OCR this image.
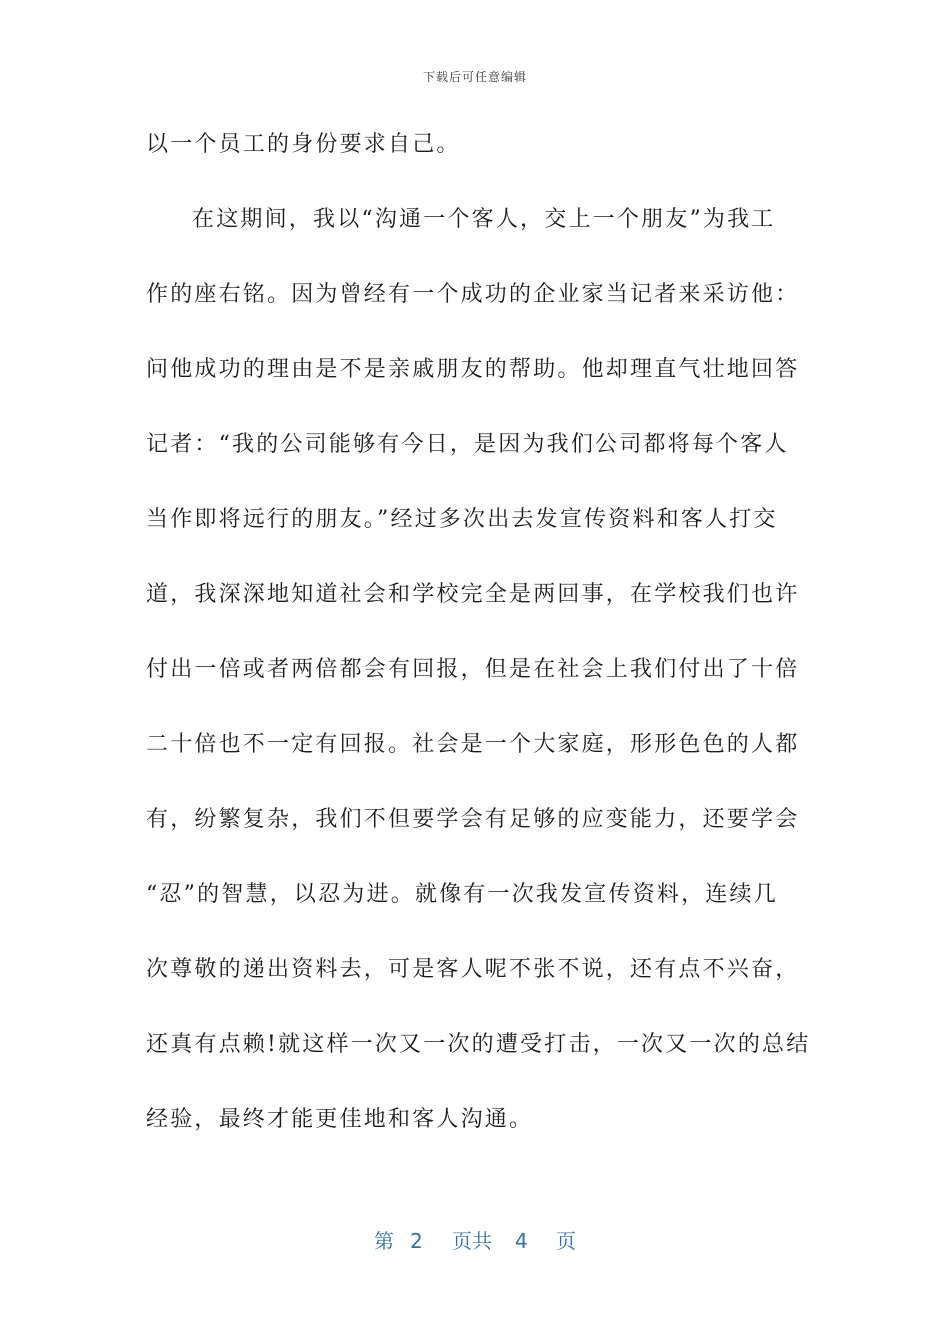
下载后可任意编辑
以一个员工的身份要求自己。
在这期间，我以“沟通一个客人，交上一个朋友”为我工
作的座右铭。因为曾经有一个成功的企业家当记者来采访他：
问他成功的理由是不是亲戚朋友的帮助。他却理直气壮地回答
记者：“我的公司能够有今日，是因为我们公司都将每个客人
当作即将远行的朋友。”经过多次出去发宣传资料和客人打交
道，我深深地知道社会和学校完全是两回事，在学校我们也许
付出一倍或者两倍都会有回报，但是在社会上我们付出了十倍
二十倍也不一定有回报。社会是一个大家庭，形形色色的人都
有，纷繁复杂，我们不但要学会有足够的应变能力，还要学会
“忍”的智慧，以忍为进。就像有一次我发宣传资料，连续几
次尊敬的递出资料去，可是客人呢不张不说，还有点不兴奋，
还真有点赖!就这样一次又一次的遭受打击，一次又一次的总结
经验，最终才能更佳地和客人沟通。
第 2 页共 4 页
